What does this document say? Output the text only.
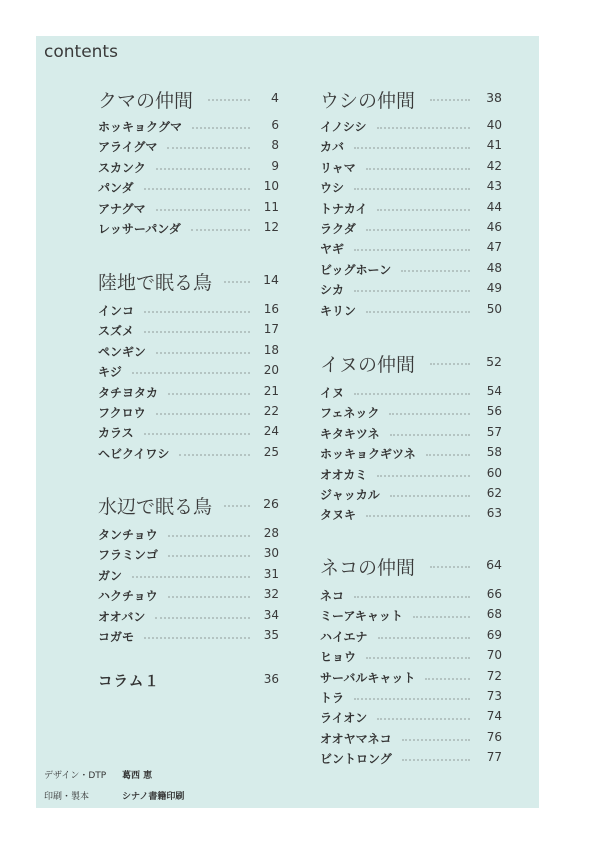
contents
クマの仲間	4
ホッキョクグマ	6
アライグマ	8
スカンク	9
パンダ	10
アナグマ	11
レッサーパンダ	12
陸地で眠る鳥	14
インコ	16
スズメ	17
ペンギン	18
キジ	20
タチヨタカ	21
フクロウ	22
カラス	24
ヘビクイワシ	25
水辺で眠る鳥	26
タンチョウ	28
フラミンゴ	30
ガン	31
ハクチョウ	32
オオバン	34
コガモ	35
ウシの仲間	38
イノシシ	40
カバ	41
リャマ	42
ウシ	43
トナカイ	44
ラクダ	46
ヤギ	47
ビッグホーン	48
シカ	49
キリン	50
イヌの仲間	52
イヌ	54
フェネック	56
キタキツネ	57
ホッキョクギツネ	58
オオカミ	60
ジャッカル	62
タヌキ	63
ネコの仲間	64
ネコ	66
ミーアキャット	68
ハイエナ	69
ヒョウ	70
サーバルキャット	72
トラ	73
ライオン	74
オオヤマネコ	76
ビントロング	77
コラム１	36
デザイン・DTP 葛西 恵
印刷・製本	シナノ書籍印刷
